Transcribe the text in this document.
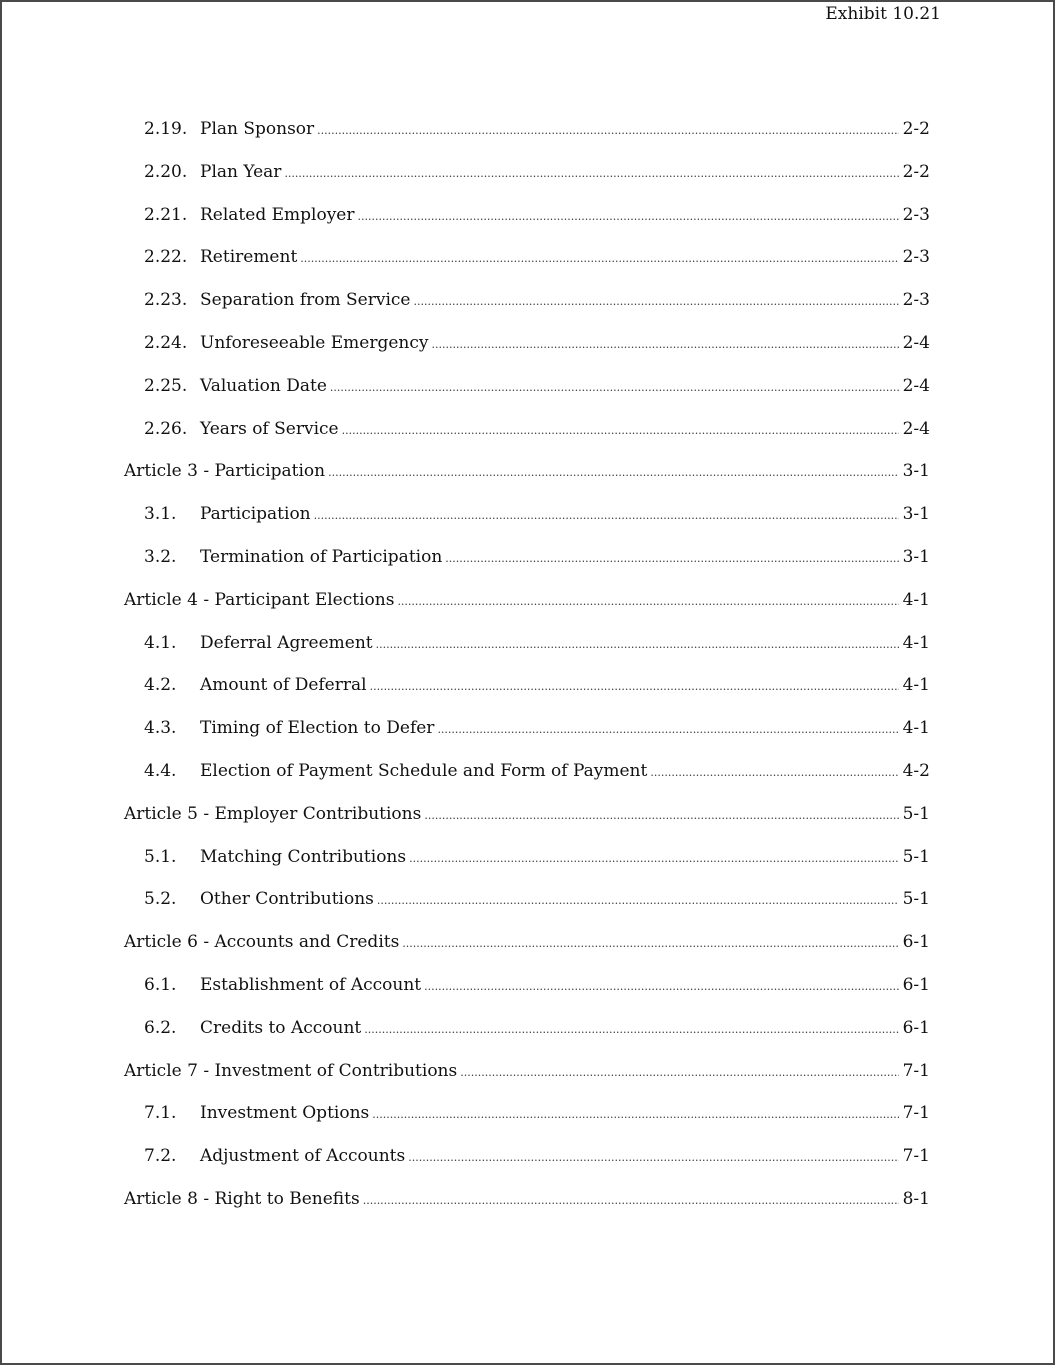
Exhibit 10.21
2.19. Plan Sponsor .....	2-2
2.20. Plan Year .....	2-2
2.21. Related Employer .....	2-3
2.22. Retirement .....	2-3
2.23. Separation from Service .....	2-3
2.24. Unforeseeable Emergency .....	2-4
2.25. Valuation Date .....	2-4
2.26. Years of Service .....	2-4
Article 3 - Participation .....	3-1
3.1.	Participation .....	3-1
3.2.	Termination of Participation .....	3-1
Article 4 - Participant Elections .....	4-1
4.1.	Deferral Agreement .....	4-1
4.2.	Amount of Deferral .....	4-1
4.3.	Timing of Election to Defer .....	4-1
4.4.	Election of Payment Schedule and Form of Payment .....	4-2
Article 5 - Employer Contributions .....	5-1
5.1.	Matching Contributions .....	5-1
5.2.	Other Contributions .....	5-1
Article 6 - Accounts and Credits .....	6-1
6.1.	Establishment of Account .....	6-1
6.2.	Credits to Account .....	6-1
Article 7 - Investment of Contributions .....	7-1
7.1.	Investment Options .....	7-1
7.2.	Adjustment of Accounts .....	7-1
Article 8 - Right to Benefits .....	8-1
